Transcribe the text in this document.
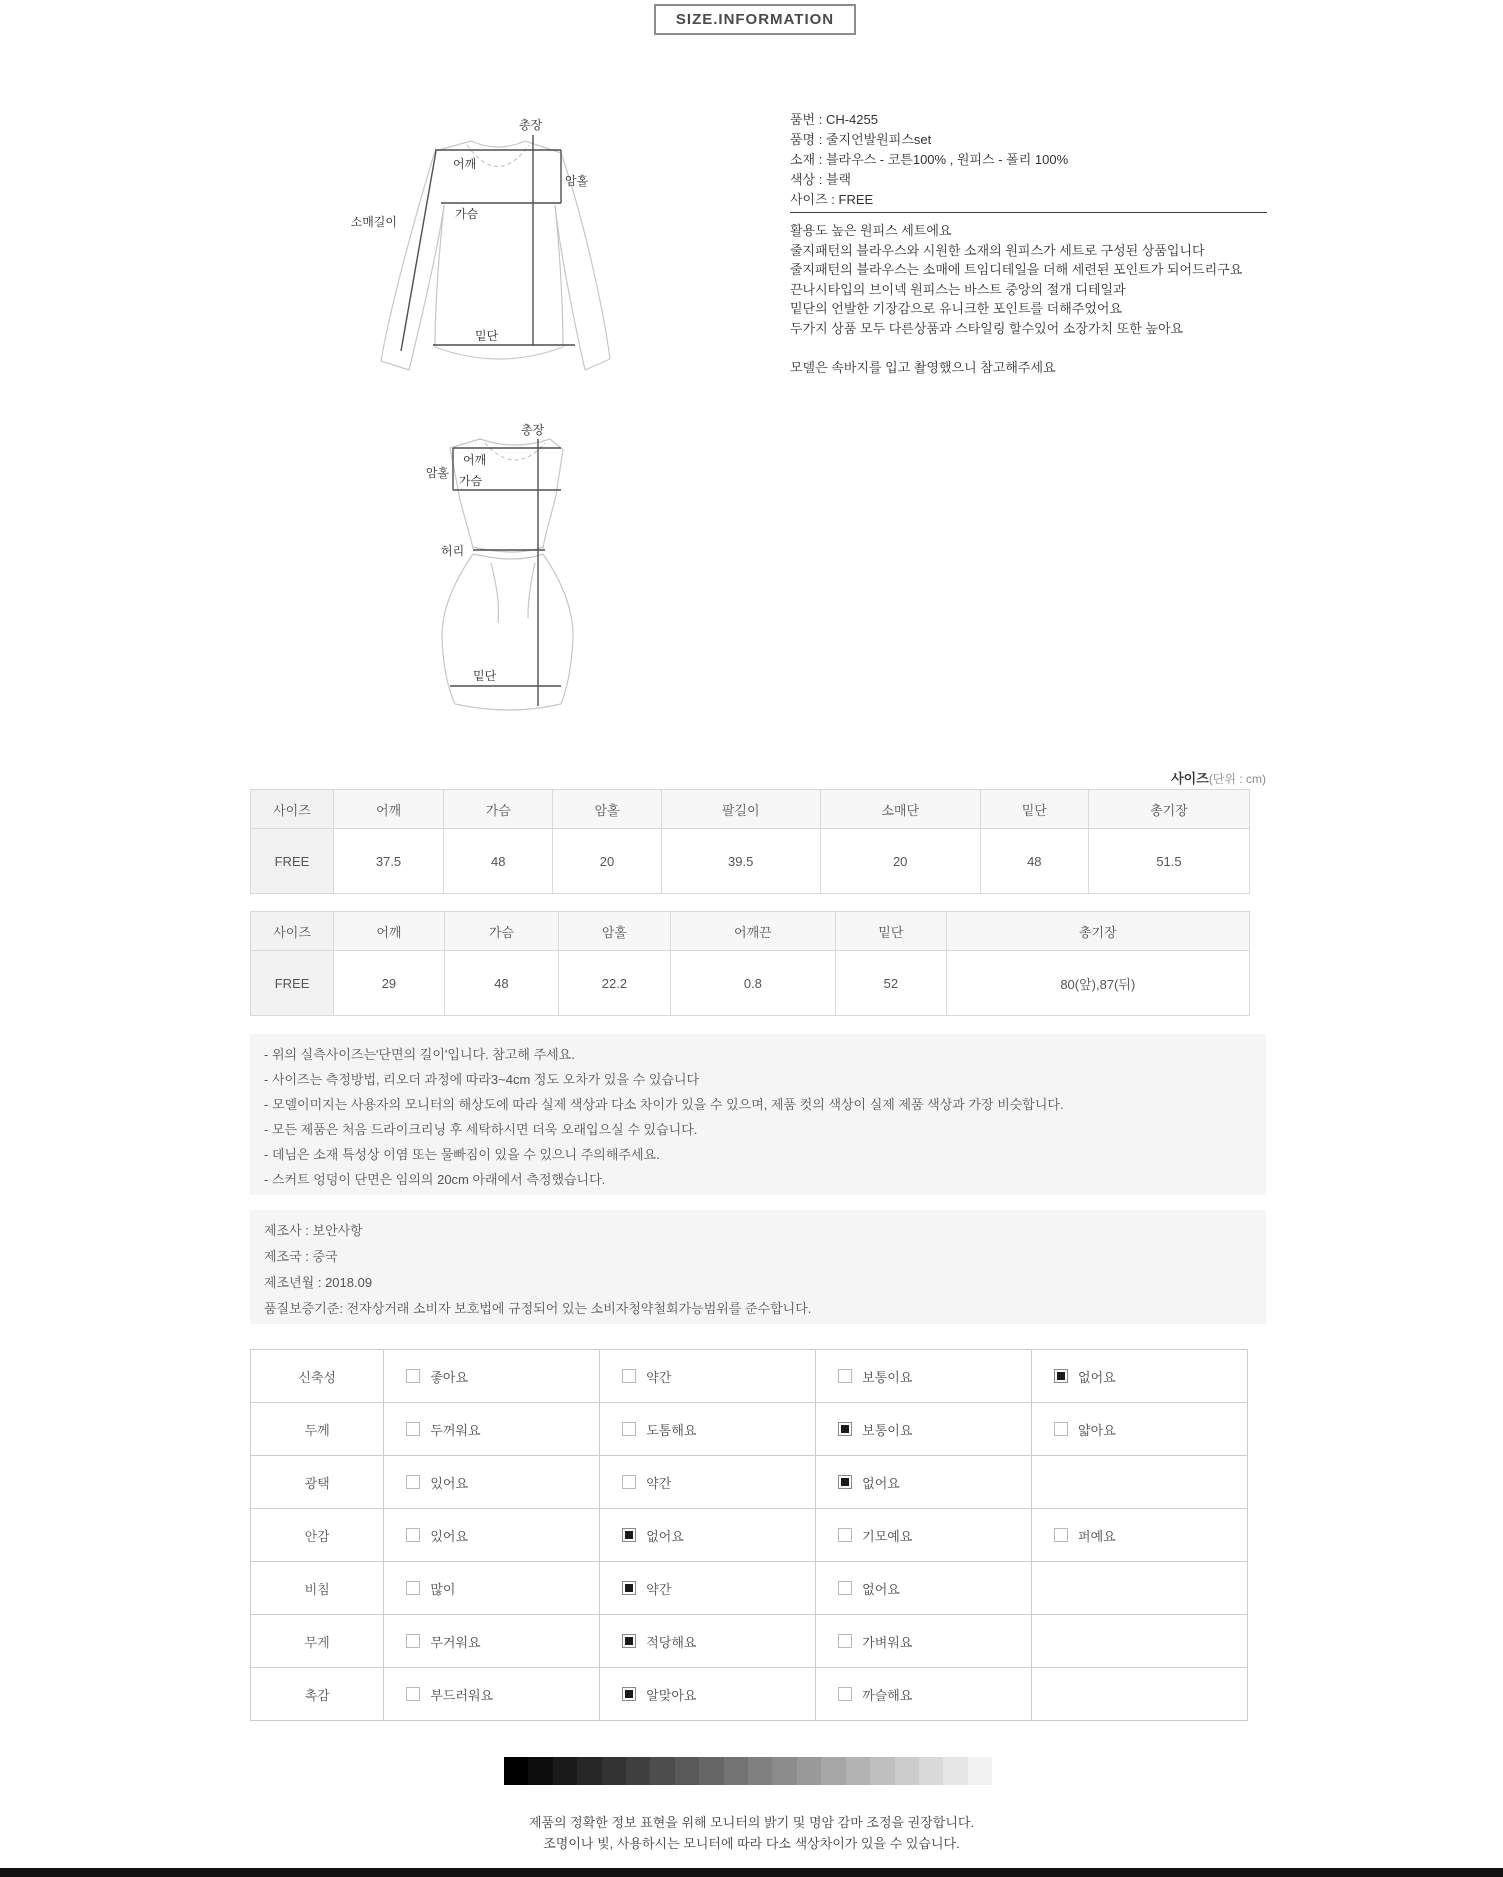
SIZE.INFORMATION
총장
어깨
암홀
가슴
소매길이
밑단
품번 : CH-4255
품명 : 줄지언발원피스set
소재 : 블라우스 - 코튼100% , 원피스 - 폴리 100%
색상 : 블랙
사이즈 : FREE
활용도 높은 원피스 세트에요
줄지패턴의 블라우스와 시원한 소재의 원피스가 세트로 구성된 상품입니다
줄지패턴의 블라우스는 소매에 트임디테일을 더해 세련된 포인트가 되어드리구요
끈나시타입의 브이넥 원피스는 바스트 중앙의 절개 디테일과
밑단의 언발한 기장감으로 유니크한 포인트를 더해주었어요
두가지 상품 모두 다른상품과 스타일링 할수있어 소장가치 또한 높아요
모델은 속바지를 입고 촬영했으니 참고해주세요
총장
어깨
암홀
가슴
허리
밑단
사이즈(단위 : cm)
사이즈	어깨	가슴	암홀	팔길이	소매단	밑단	총기장
FREE	37.5	48	20	39.5	20	48	51.5
사이즈	어깨	가슴	암홀	어깨끈	밑단	총기장
FREE	29	48	22.2	0.8	52	80(앞),87(뒤)
- 위의 실측사이즈는'단면의 길이'입니다. 참고해 주세요.
- 사이즈는 측정방법, 리오더 과정에 따라3~4cm 정도 오차가 있을 수 있습니다
- 모델이미지는 사용자의 모니터의 해상도에 따라 실제 색상과 다소 차이가 있을 수 있으며, 제품 컷의 색상이 실제 제품 색상과 가장 비슷합니다.
- 모든 제품은 처음 드라이크리닝 후 세탁하시면 더욱 오래입으실 수 있습니다.
- 데님은 소재 특성상 이염 또는 물빠짐이 있을 수 있으니 주의해주세요.
- 스커트 엉덩이 단면은 임의의 20cm 아래에서 측정했습니다.
제조사 : 보안사항
제조국 : 중국
제조년월 : 2018.09
품질보증기준: 전자상거래 소비자 보호법에 규정되어 있는 소비자청약철회가능범위를 준수합니다.
신축성	좋아요	약간	보통이요	없어요
두께	두꺼워요	도톰해요	보통이요	얇아요
광택	있어요	약간	없어요	
안감	있어요	없어요	기모예요	퍼예요
비침	많이	약간	없어요	
무게	무거워요	적당해요	가벼워요	
촉감	부드러워요	알맞아요	까슬해요	
제품의 정확한 정보 표현을 위해 모니터의 밝기 및 명암 감마 조정을 권장합니다.
조명이나 빛, 사용하시는 모니터에 따라 다소 색상차이가 있을 수 있습니다.
